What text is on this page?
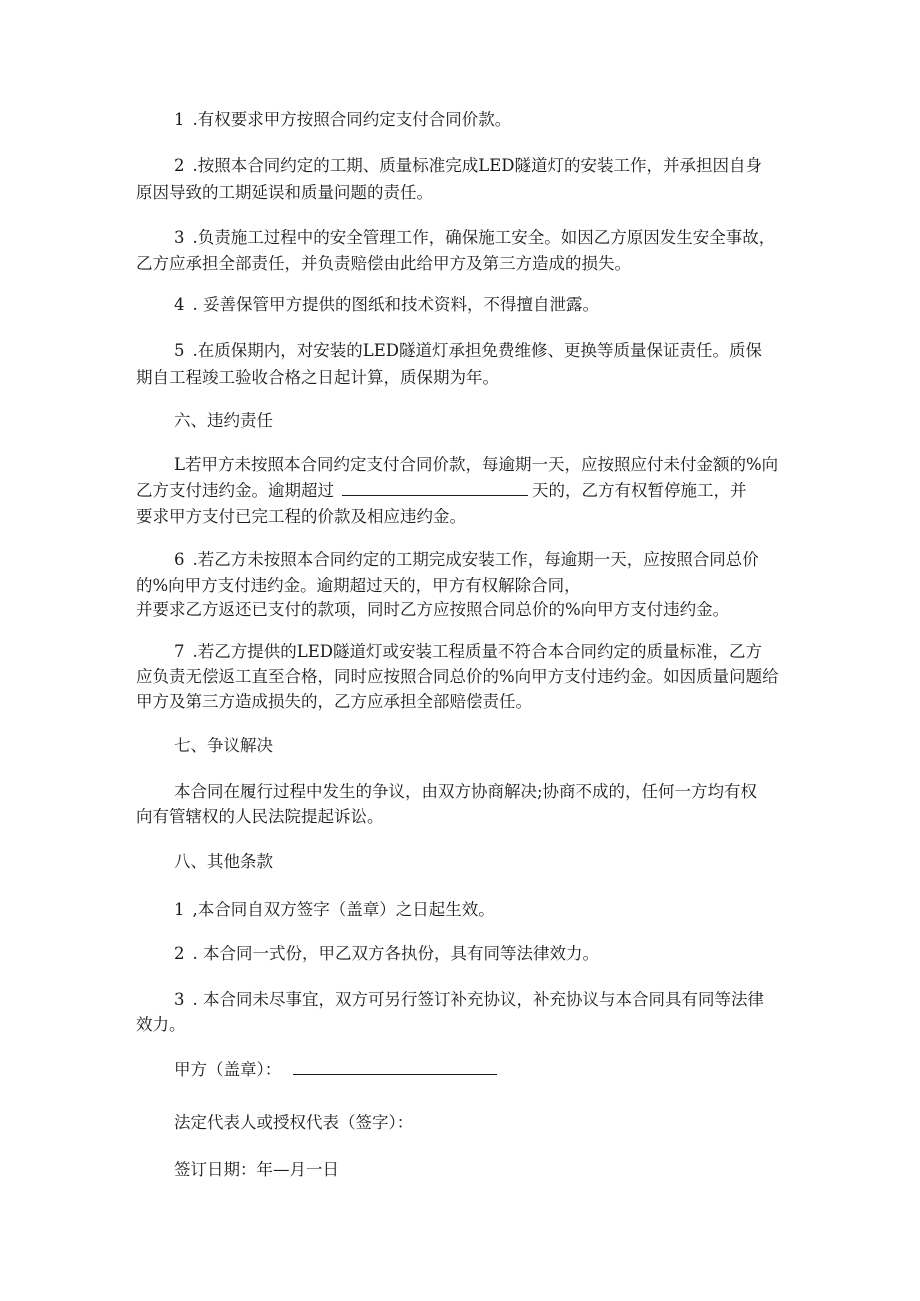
1 .有权要求甲方按照合同约定支付合同价款。
2 .按照本合同约定的工期、质量标准完成LED隧道灯的安装工作，并承担因自身
原因导致的工期延误和质量问题的责任。
3 .负责施工过程中的安全管理工作，确保施工安全。如因乙方原因发生安全事故，
乙方应承担全部责任，并负责赔偿由此给甲方及第三方造成的损失。
4 . 妥善保管甲方提供的图纸和技术资料，不得擅自泄露。
5 .在质保期内，对安装的LED隧道灯承担免费维修、更换等质量保证责任。质保
期自工程竣工验收合格之日起计算，质保期为年。
六、违约责任
L若甲方未按照本合同约定支付合同价款，每逾期一天，应按照应付未付金额的%向
乙方支付违约金。逾期超过	天的，乙方有权暂停施工，并
要求甲方支付已完工程的价款及相应违约金。
6 .若乙方未按照本合同约定的工期完成安装工作，每逾期一天，应按照合同总价
的%向甲方支付违约金。逾期超过天的，甲方有权解除合同，
并要求乙方返还已支付的款项，同时乙方应按照合同总价的%向甲方支付违约金。
7 .若乙方提供的LED隧道灯或安装工程质量不符合本合同约定的质量标准，乙方
应负责无偿返工直至合格，同时应按照合同总价的%向甲方支付违约金。如因质量问题给
甲方及第三方造成损失的，乙方应承担全部赔偿责任。
七、争议解决
本合同在履行过程中发生的争议，由双方协商解决;协商不成的，任何一方均有权
向有管辖权的人民法院提起诉讼。
八、其他条款
1 ,本合同自双方签字（盖章）之日起生效。
2 . 本合同一式份，甲乙双方各执份，具有同等法律效力。
3 . 本合同未尽事宜，双方可另行签订补充协议，补充协议与本合同具有同等法律
效力。
甲方（盖章）：
法定代表人或授权代表（签字）：
签订日期：年—月一日
